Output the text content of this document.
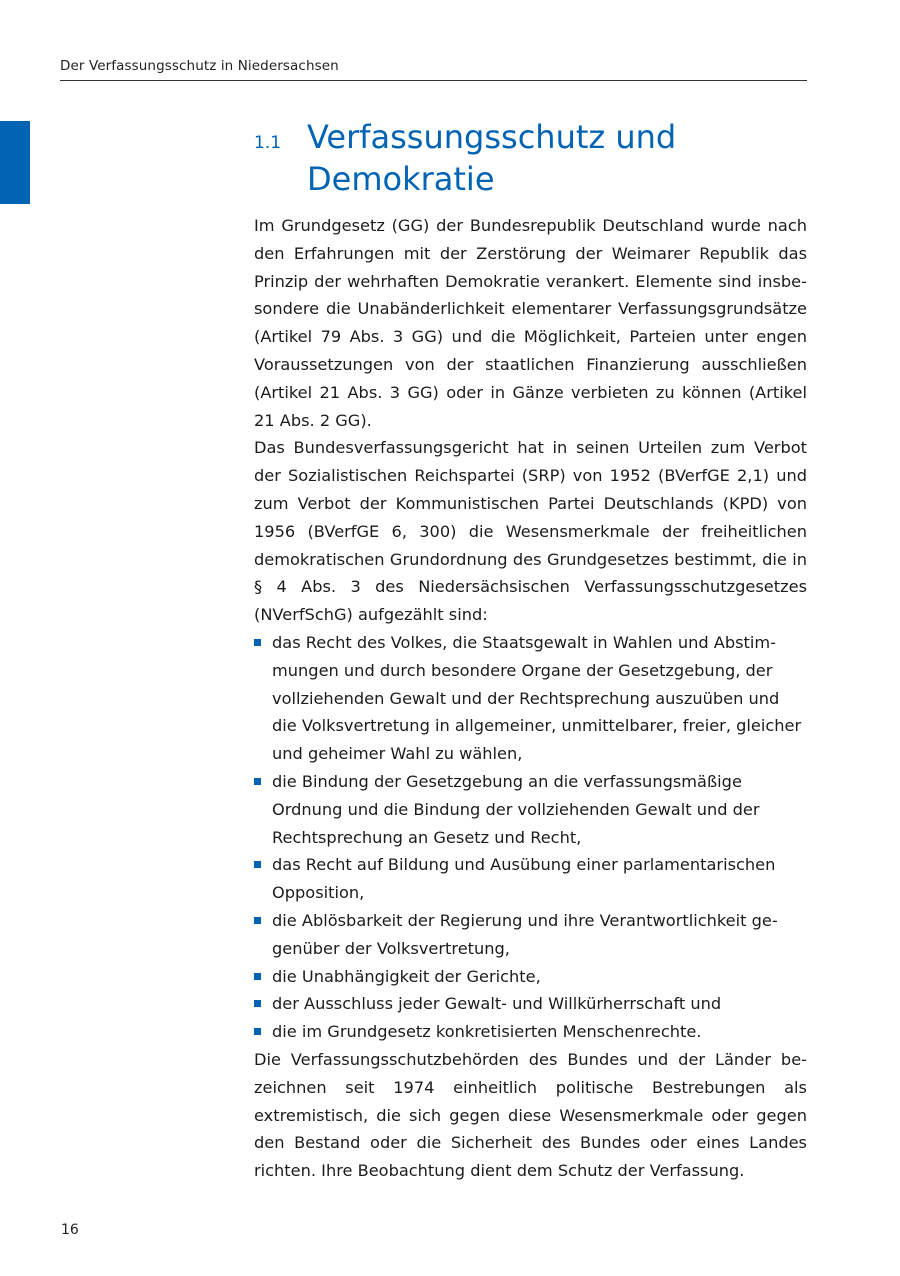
Der Verfassungsschutz in Niedersachsen
1.1 Verfassungsschutz und
Demokratie

Im Grundgesetz (GG) der Bundesrepublik Deutschland wurde nach den Erfahrungen mit der Zerstörung der Weimarer Republik das Prinzip der wehrhaften Demokratie verankert. Elemente sind insbesondere die Unabänderlichkeit elementarer Verfassungsgrundsätze (Artikel 79 Abs. 3 GG) und die Möglichkeit, Parteien unter engen Voraussetzungen von der staatlichen Finanzierung ausschließen (Artikel 21 Abs. 3 GG) oder in Gänze verbieten zu können (Artikel 21 Abs. 2 GG).

Das Bundesverfassungsgericht hat in seinen Urteilen zum Verbot der Sozialistischen Reichspartei (SRP) von 1952 (BVerfGE 2,1) und zum Verbot der Kommunistischen Partei Deutschlands (KPD) von 1956 (BVerfGE 6, 300) die Wesensmerkmale der freiheitlichen demokratischen Grundordnung des Grundgesetzes bestimmt, die in § 4 Abs. 3 des Niedersächsischen Verfassungsschutzgesetzes (NVerfSchG) aufgezählt sind:

das Recht des Volkes, die Staatsgewalt in Wahlen und Abstimmungen und durch besondere Organe der Gesetzgebung, der vollziehenden Gewalt und der Rechtsprechung auszuüben und die Volksvertretung in allgemeiner, unmittelbarer, freier, gleicher und geheimer Wahl zu wählen,
die Bindung der Gesetzgebung an die verfassungsmäßige Ordnung und die Bindung der vollziehenden Gewalt und der Rechtsprechung an Gesetz und Recht,
das Recht auf Bildung und Ausübung einer parlamentarischen Opposition,
die Ablösbarkeit der Regierung und ihre Verantwortlichkeit gegenüber der Volksvertretung,
die Unabhängigkeit der Gerichte,
der Ausschluss jeder Gewalt- und Willkürherrschaft und
die im Grundgesetz konkretisierten Menschenrechte.

Die Verfassungsschutzbehörden des Bundes und der Länder bezeichnen seit 1974 einheitlich politische Bestrebungen als extremistisch, die sich gegen diese Wesensmerkmale oder gegen den Bestand oder die Sicherheit des Bundes oder eines Landes richten. Ihre Beobachtung dient dem Schutz der Verfassung.

16
